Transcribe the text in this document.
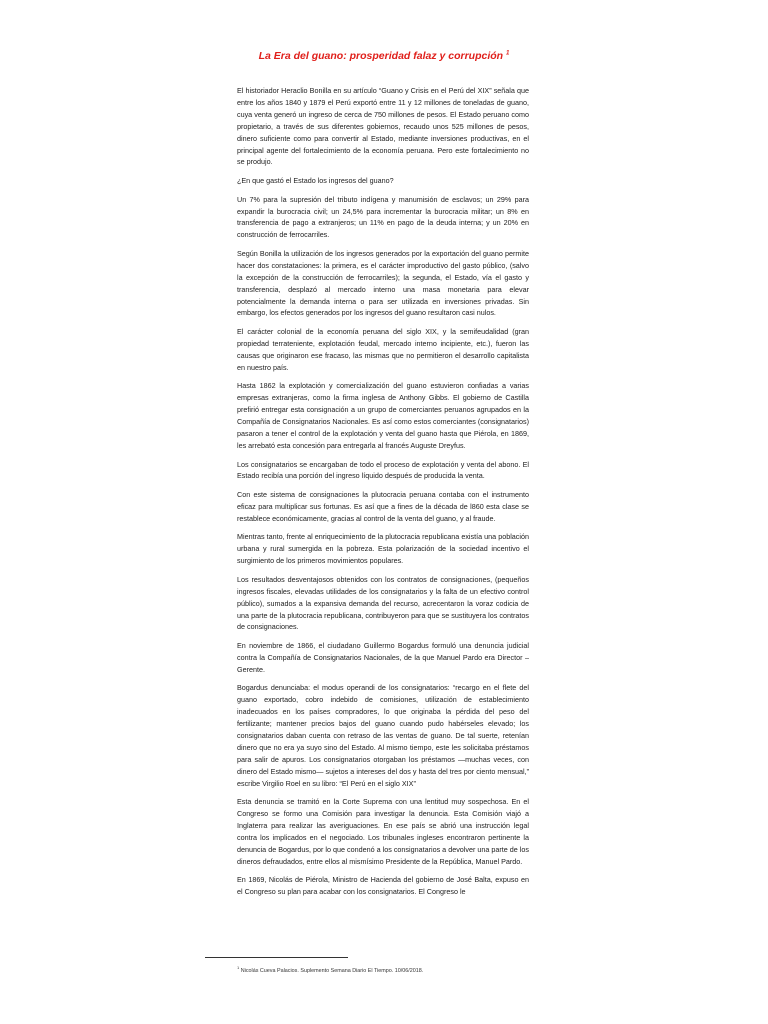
La Era del guano: prosperidad falaz y corrupción $^1$

El historiador Heraclio Bonilla en su artículo “Guano y Crisis en el Perú del XIX” señala que entre los años 1840 y 1879 el Perú exportó entre 11 y 12 millones de toneladas de guano, cuya venta generó un ingreso de cerca de 750 millones de pesos. El Estado peruano como propietario, a través de sus diferentes gobiernos, recaudo unos 525 millones de pesos, dinero suficiente como para convertir al Estado, mediante inversiones productivas, en el principal agente del fortalecimiento de la economía peruana. Pero este fortalecimiento no se produjo.

¿En que gastó el Estado los ingresos del guano?

Un 7% para la supresión del tributo indígena y manumisión de esclavos; un 29% para expandir la burocracia civil; un 24,5% para incrementar la burocracia militar; un 8% en transferencia de pago a extranjeros; un 11% en pago de la deuda interna; y un 20% en construcción de ferrocarriles.

Según Bonilla la utilización de los ingresos generados por la exportación del guano permite hacer dos constataciones: la primera, es el carácter improductivo del gasto público, (salvo la excepción de la construcción de ferrocarriles); la segunda, el Estado, vía el gasto y transferencia, desplazó al mercado interno una masa monetaria para elevar potencialmente la demanda interna o para ser utilizada en inversiones privadas. Sin embargo, los efectos generados por los ingresos del guano resultaron casi nulos.

El carácter colonial de la economía peruana del siglo XIX, y la semifeudalidad (gran propiedad terrateniente, explotación feudal, mercado interno incipiente, etc.), fueron las causas que originaron ese fracaso, las mismas que no permitieron el desarrollo capitalista en nuestro país.

Hasta 1862 la explotación y comercialización del guano estuvieron confiadas a varias empresas extranjeras, como la firma inglesa de Anthony Gibbs. El gobierno de Castilla prefirió entregar esta consignación a un grupo de comerciantes peruanos agrupados en la Compañía de Consignatarios Nacionales. Es así como estos comerciantes (consignatarios) pasaron a tener el control de la explotación y venta del guano hasta que Piérola, en 1869, les arrebató esta concesión para entregarla al francés Auguste Dreyfus.

Los consignatarios se encargaban de todo el proceso de explotación y venta del abono. El Estado recibía una porción del ingreso líquido después de producida la venta.

Con este sistema de consignaciones la plutocracia peruana contaba con el instrumento eficaz para multiplicar sus fortunas. Es así que a fines de la década de l860 esta clase se restablece económicamente, gracias al control de la venta del guano, y al fraude.

Mientras tanto, frente al enriquecimiento de la plutocracia republicana existía una población urbana y rural sumergida en la pobreza. Esta polarización de la sociedad incentivo el surgimiento de los primeros movimientos populares.

Los resultados desventajosos obtenidos con los contratos de consignaciones, (pequeños ingresos fiscales, elevadas utilidades de los consignatarios y la falta de un efectivo control público), sumados a la expansiva demanda del recurso, acrecentaron la voraz codicia de una parte de la plutocracia republicana, contribuyeron para que se sustituyera los contratos de consignaciones.

En noviembre de 1866, el ciudadano Guillermo Bogardus formuló una denuncia judicial contra la Compañía de Consignatarios Nacionales, de la que Manuel Pardo era Director –Gerente.

Bogardus denunciaba: el modus operandi de los consignatarios: “recargo en el flete del guano exportado, cobro indebido de comisiones, utilización de establecimiento inadecuados en los países compradores, lo que originaba la pérdida del peso del fertilizante; mantener precios bajos del guano cuando pudo habérseles elevado; los consignatarios daban cuenta con retraso de las ventas de guano. De tal suerte, retenían dinero que no era ya suyo sino del Estado. Al mismo tiempo, este les solicitaba préstamos para salir de apuros. Los consignatarios otorgaban los préstamos —muchas veces, con dinero del Estado mismo— sujetos a intereses del dos y hasta del tres por ciento mensual,” escribe Virgilio Roel en su libro: “El Perú en el siglo XIX”

Esta denuncia se tramitó en la Corte Suprema con una lentitud muy sospechosa. En el Congreso se formo una Comisión para investigar la denuncia. Esta Comisión viajó a Inglaterra para realizar las averiguaciones. En ese país se abrió una instrucción legal contra los implicados en el negociado. Los tribunales ingleses encontraron pertinente la denuncia de Bogardus, por lo que condenó a los consignatarios a devolver una parte de los dineros defraudados, entre ellos al mismísimo Presidente de la República, Manuel Pardo.

En 1869, Nicolás de Piérola, Ministro de Hacienda del gobierno de José Balta, expuso en el Congreso su plan para acabar con los consignatarios. El Congreso le

$^1$ Nicolás Cueva Palacios. Suplemento Semana Diario El Tiempo. 10/06/2018.
